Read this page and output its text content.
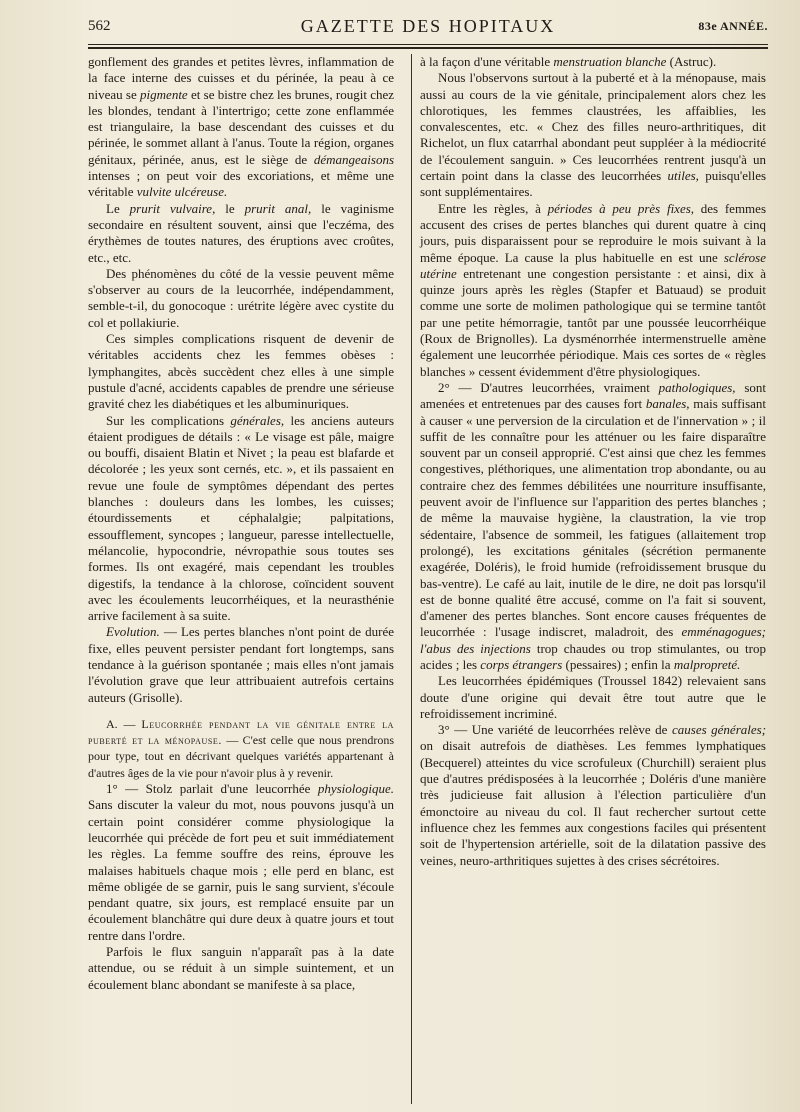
562	GAZETTE DES HOPITAUX	83e ANNÉE.

gonflement des grandes et petites lèvres, inflammation de la face interne des cuisses et du périnée, la peau à ce niveau se pigmente et se bistre chez les brunes, rougit chez les blondes, tendant à l'intertrigo; cette zone enflammée est triangulaire, la base descendant des cuisses et du périnée, le sommet allant à l'anus. Toute la région, organes génitaux, périnée, anus, est le siège de démangeaisons intenses ; on peut voir des excoriations, et même une véritable vulvite ulcéreuse.

Le prurit vulvaire, le prurit anal, le vaginisme secondaire en résultent souvent, ainsi que l'eczéma, des érythèmes de toutes natures, des éruptions avec croûtes, etc., etc.

Des phénomènes du côté de la vessie peuvent même s'observer au cours de la leucorrhée, indépendamment, semble-t-il, du gonocoque : urétrite légère avec cystite du col et pollakiurie.

Ces simples complications risquent de devenir de véritables accidents chez les femmes obèses : lymphangites, abcès succèdent chez elles à une simple pustule d'acné, accidents capables de prendre une sérieuse gravité chez les diabétiques et les albuminuriques.

Sur les complications générales, les anciens auteurs étaient prodigues de détails : « Le visage est pâle, maigre ou bouffi, disaient Blatin et Nivet ; la peau est blafarde et décolorée ; les yeux sont cernés, etc. », et ils passaient en revue une foule de symptômes dépendant des pertes blanches : douleurs dans les lombes, les cuisses; étourdissements et céphalalgie; palpitations, essoufflement, syncopes ; langueur, paresse intellectuelle, mélancolie, hypocondrie, névropathie sous toutes ses formes. Ils ont exagéré, mais cependant les troubles digestifs, la tendance à la chlorose, coïncident souvent avec les écoulements leucorrhéiques, et la neurasthénie arrive facilement à sa suite.

Evolution. — Les pertes blanches n'ont point de durée fixe, elles peuvent persister pendant fort longtemps, sans tendance à la guérison spontanée ; mais elles n'ont jamais l'évolution grave que leur attribuaient autrefois certains auteurs (Grisolle).

A. — Leucorrhée pendant la vie génitale entre la puberté et la ménopause. — C'est celle que nous prendrons pour type, tout en décrivant quelques variétés appartenant à d'autres âges de la vie pour n'avoir plus à y revenir.

1° — Stolz parlait d'une leucorrhée physiologique. Sans discuter la valeur du mot, nous pouvons jusqu'à un certain point considérer comme physiologique la leucorrhée qui précède de fort peu et suit immédiatement les règles. La femme souffre des reins, éprouve les malaises habituels chaque mois ; elle perd en blanc, est même obligée de se garnir, puis le sang survient, s'écoule pendant quatre, six jours, est remplacé ensuite par un écoulement blanchâtre qui dure deux à quatre jours et tout rentre dans l'ordre.

Parfois le flux sanguin n'apparaît pas à la date attendue, ou se réduit à un simple suintement, et un écoulement blanc abondant se manifeste à sa place,

à la façon d'une véritable menstruation blanche (Astruc).

Nous l'observons surtout à la puberté et à la ménopause, mais aussi au cours de la vie génitale, principalement alors chez les chlorotiques, les femmes claustrées, les affaiblies, les convalescentes, etc. « Chez des filles neuro-arthritiques, dit Richelot, un flux catarrhal abondant peut suppléer à la médiocrité de l'écoulement sanguin. » Ces leucorrhées rentrent jusqu'à un certain point dans la classe des leucorrhées utiles, puisqu'elles sont supplémentaires.

Entre les règles, à périodes à peu près fixes, des femmes accusent des crises de pertes blanches qui durent quatre à cinq jours, puis disparaissent pour se reproduire le mois suivant à la même époque. La cause la plus habituelle en est une sclérose utérine entretenant une congestion persistante : et ainsi, dix à quinze jours après les règles (Stapfer et Batuaud) se produit comme une sorte de molimen pathologique qui se termine tantôt par une petite hémorragie, tantôt par une poussée leucorrhéique (Roux de Brignolles). La dysménorrhée intermenstruelle amène également une leucorrhée périodique. Mais ces sortes de « règles blanches » cessent évidemment d'être physiologiques.

2° — D'autres leucorrhées, vraiment pathologiques, sont amenées et entretenues par des causes fort banales, mais suffisant à causer « une perversion de la circulation et de l'innervation » ; il suffit de les connaître pour les atténuer ou les faire disparaître souvent par un conseil approprié. C'est ainsi que chez les femmes congestives, pléthoriques, une alimentation trop abondante, ou au contraire chez des femmes débilitées une nourriture insuffisante, peuvent avoir de l'influence sur l'apparition des pertes blanches ; de même la mauvaise hygiène, la claustration, la vie trop sédentaire, l'absence de sommeil, les fatigues (allaitement trop prolongé), les excitations génitales (sécrétion permanente exagérée, Doléris), le froid humide (refroidissement brusque du bas-ventre). Le café au lait, inutile de le dire, ne doit pas lorsqu'il est de bonne qualité être accusé, comme on l'a fait si souvent, d'amener des pertes blanches. Sont encore causes fréquentes de leucorrhée : l'usage indiscret, maladroit, des emménagogues; l'abus des injections trop chaudes ou trop stimulantes, ou trop acides ; les corps étrangers (pessaires) ; enfin la malpropreté.

Les leucorrhées épidémiques (Troussel 1842) relevaient sans doute d'une origine qui devait être tout autre que le refroidissement incriminé.

3° — Une variété de leucorrhées relève de causes générales; on disait autrefois de diathèses. Les femmes lymphatiques (Becquerel) atteintes du vice scrofuleux (Churchill) seraient plus que d'autres prédisposées à la leucorrhée ; Doléris d'une manière très judicieuse fait allusion à l'élection particulière d'un émonctoire au niveau du col. Il faut rechercher surtout cette influence chez les femmes aux congestions faciles qui présentent soit de l'hypertension artérielle, soit de la dilatation passive des veines, neuro-arthritiques sujettes à des crises sécrétoires.
